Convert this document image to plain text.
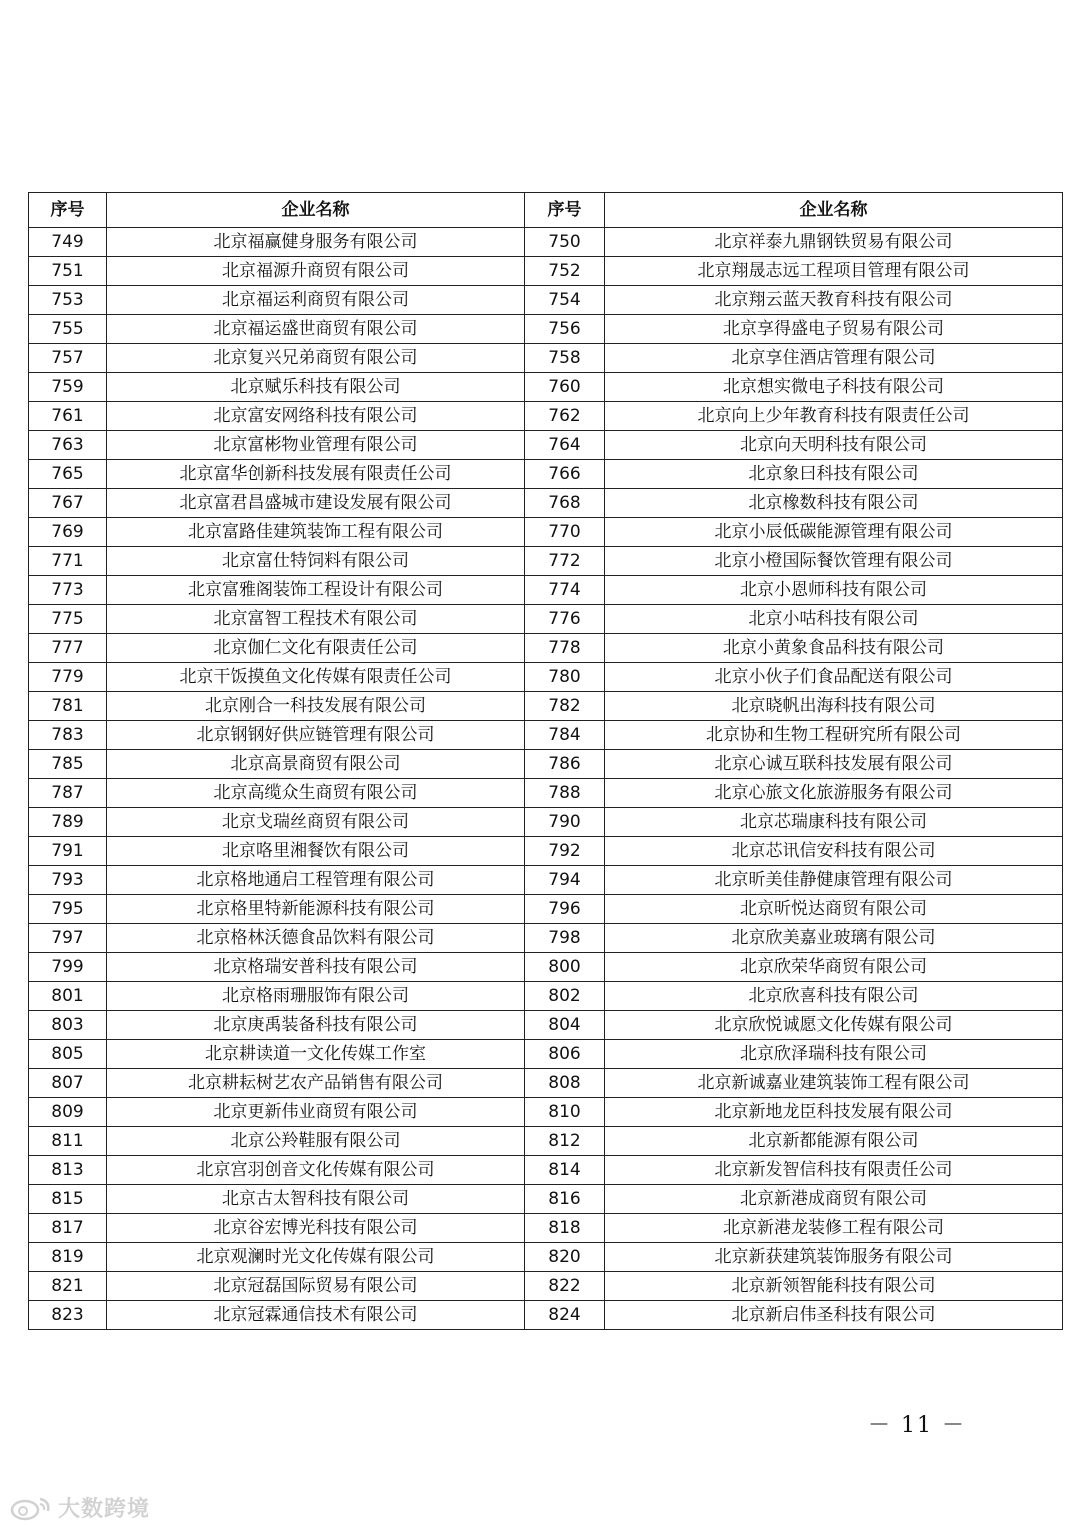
序号	企业名称	序号	企业名称
749	北京福赢健身服务有限公司	750	北京祥泰九鼎钢铁贸易有限公司
751	北京福源升商贸有限公司	752	北京翔晟志远工程项目管理有限公司
753	北京福运利商贸有限公司	754	北京翔云蓝天教育科技有限公司
755	北京福运盛世商贸有限公司	756	北京享得盛电子贸易有限公司
757	北京复兴兄弟商贸有限公司	758	北京享住酒店管理有限公司
759	北京赋乐科技有限公司	760	北京想实微电子科技有限公司
761	北京富安网络科技有限公司	762	北京向上少年教育科技有限责任公司
763	北京富彬物业管理有限公司	764	北京向天明科技有限公司
765	北京富华创新科技发展有限责任公司	766	北京象曰科技有限公司
767	北京富君昌盛城市建设发展有限公司	768	北京橡数科技有限公司
769	北京富路佳建筑装饰工程有限公司	770	北京小辰低碳能源管理有限公司
771	北京富仕特饲料有限公司	772	北京小橙国际餐饮管理有限公司
773	北京富雅阁装饰工程设计有限公司	774	北京小恩师科技有限公司
775	北京富智工程技术有限公司	776	北京小咕科技有限公司
777	北京伽仁文化有限责任公司	778	北京小黄象食品科技有限公司
779	北京干饭摸鱼文化传媒有限责任公司	780	北京小伙子们食品配送有限公司
781	北京刚合一科技发展有限公司	782	北京晓帆出海科技有限公司
783	北京钢钢好供应链管理有限公司	784	北京协和生物工程研究所有限公司
785	北京高景商贸有限公司	786	北京心诚互联科技发展有限公司
787	北京高缆众生商贸有限公司	788	北京心旅文化旅游服务有限公司
789	北京戈瑞丝商贸有限公司	790	北京芯瑞康科技有限公司
791	北京咯里湘餐饮有限公司	792	北京芯讯信安科技有限公司
793	北京格地通启工程管理有限公司	794	北京昕美佳静健康管理有限公司
795	北京格里特新能源科技有限公司	796	北京昕悦达商贸有限公司
797	北京格林沃德食品饮料有限公司	798	北京欣美嘉业玻璃有限公司
799	北京格瑞安普科技有限公司	800	北京欣荣华商贸有限公司
801	北京格雨珊服饰有限公司	802	北京欣喜科技有限公司
803	北京庚禹装备科技有限公司	804	北京欣悦诚愿文化传媒有限公司
805	北京耕读道一文化传媒工作室	806	北京欣泽瑞科技有限公司
807	北京耕耘树艺农产品销售有限公司	808	北京新诚嘉业建筑装饰工程有限公司
809	北京更新伟业商贸有限公司	810	北京新地龙臣科技发展有限公司
811	北京公羚鞋服有限公司	812	北京新都能源有限公司
813	北京宫羽创音文化传媒有限公司	814	北京新发智信科技有限责任公司
815	北京古太智科技有限公司	816	北京新港成商贸有限公司
817	北京谷宏博光科技有限公司	818	北京新港龙装修工程有限公司
819	北京观澜时光文化传媒有限公司	820	北京新获建筑装饰服务有限公司
821	北京冠磊国际贸易有限公司	822	北京新领智能科技有限公司
823	北京冠霖通信技术有限公司	824	北京新启伟圣科技有限公司
－ 11 －
大数跨境
